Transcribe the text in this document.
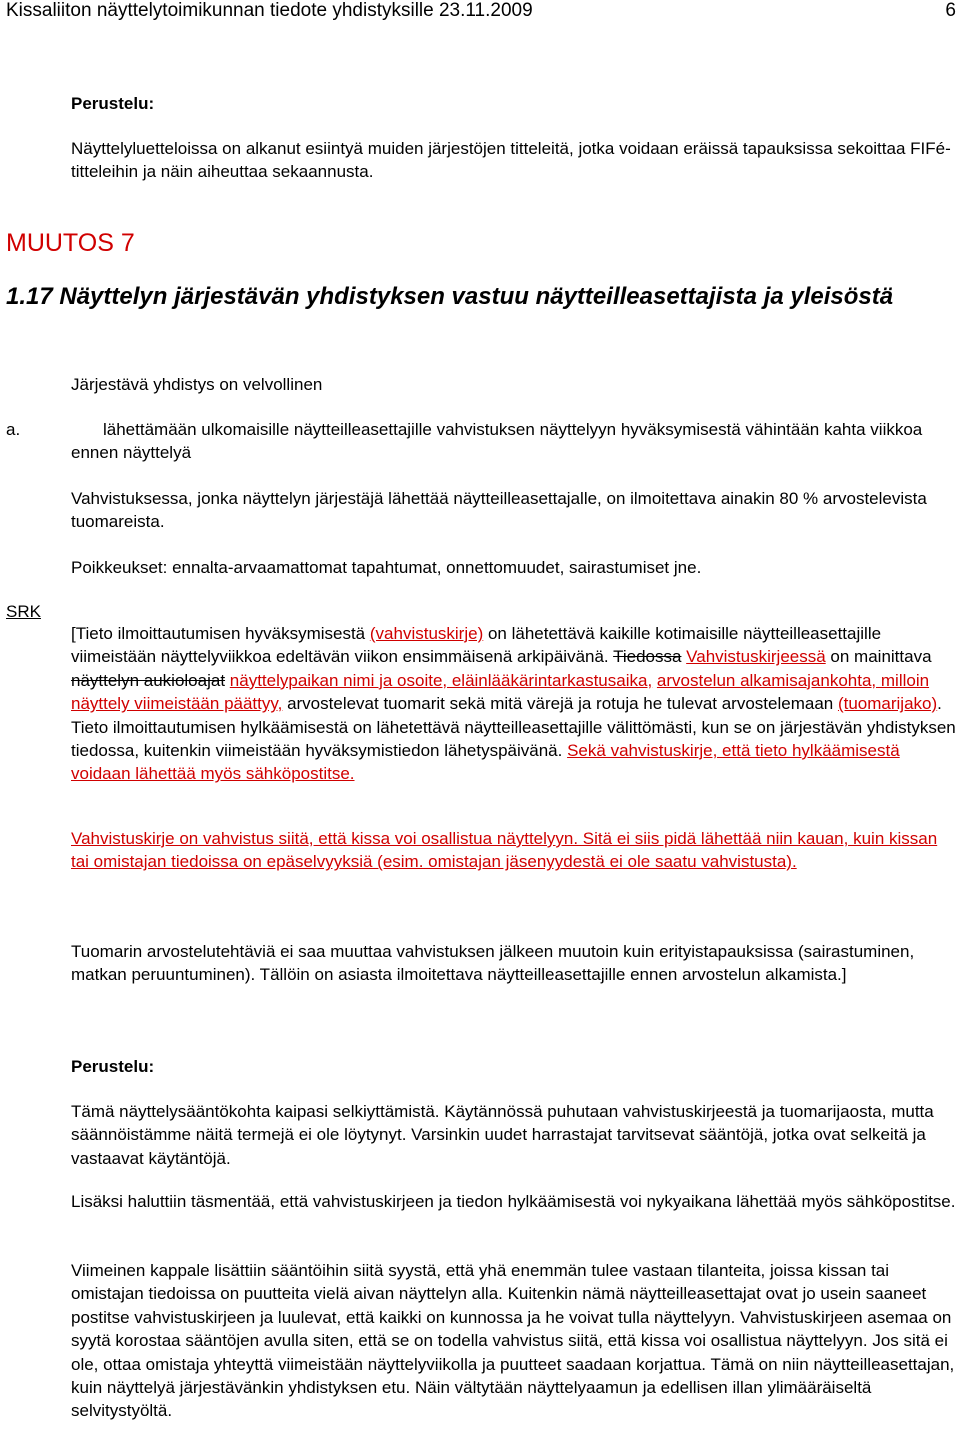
Kissaliiton näyttelytoimikunnan tiedote yhdistyksille 23.11.2009	6
Perustelu:

Näyttelyluetteloissa on alkanut esiintyä muiden järjestöjen titteleitä, jotka voidaan eräissä tapauksissa sekoittaa FIFé-titteleihin ja näin aiheuttaa sekaannusta.

MUUTOS 7
1.17 Näyttelyn järjestävän yhdistyksen vastuu näytteilleasettajista ja yleisöstä

Järjestävä yhdistys on velvollinen

a.	lähettämään ulkomaisille näytteilleasettajille vahvistuksen näyttelyyn hyväksymisestä vähintään kahta viikkoa ennen näyttelyä

Vahvistuksessa, jonka näyttelyn järjestäjä lähettää näytteilleasettajalle, on ilmoitettava ainakin 80 % arvostelevista tuomareista.

Poikkeukset: ennalta-arvaamattomat tapahtumat, onnettomuudet, sairastumiset jne.

SRK

[Tieto ilmoittautumisen hyväksymisestä (vahvistuskirje) on lähetettävä kaikille kotimaisille näytteilleasettajille viimeistään näyttelyviikkoa edeltävän viikon ensimmäisenä arkipäivänä. Tiedossa Vahvistuskirjeessä on mainittava näyttelyn aukioloajat näyttelypaikan nimi ja osoite, eläinlääkärintarkastusaika, arvostelun alkamisajankohta, milloin näyttely viimeistään päättyy, arvostelevat tuomarit sekä mitä värejä ja rotuja he tulevat arvostelemaan (tuomarijako). Tieto ilmoittautumisen hylkäämisestä on lähetettävä näytteilleasettajille välittömästi, kun se on järjestävän yhdistyksen tiedossa, kuitenkin viimeistään hyväksymistiedon lähetyspäivänä. Sekä vahvistuskirje, että tieto hylkäämisestä voidaan lähettää myös sähköpostitse.

Vahvistuskirje on vahvistus siitä, että kissa voi osallistua näyttelyyn. Sitä ei siis pidä lähettää niin kauan, kuin kissan tai omistajan tiedoissa on epäselvyyksiä (esim. omistajan jäsenyydestä ei ole saatu vahvistusta).

Tuomarin arvostelutehtäviä ei saa muuttaa vahvistuksen jälkeen muutoin kuin erityistapauksissa (sairastuminen, matkan peruuntuminen). Tällöin on asiasta ilmoitettava näytteilleasettajille ennen arvostelun alkamista.]

Perustelu:

Tämä näyttelysääntökohta kaipasi selkiyttämistä. Käytännössä puhutaan vahvistuskirjeestä ja tuomarijaosta, mutta säännöistämme näitä termejä ei ole löytynyt. Varsinkin uudet harrastajat tarvitsevat sääntöjä, jotka ovat selkeitä ja vastaavat käytäntöjä.

Lisäksi haluttiin täsmentää, että vahvistuskirjeen ja tiedon hylkäämisestä voi nykyaikana lähettää myös sähköpostitse.

Viimeinen kappale lisättiin sääntöihin siitä syystä, että yhä enemmän tulee vastaan tilanteita, joissa kissan tai omistajan tiedoissa on puutteita vielä aivan näyttelyn alla. Kuitenkin nämä näytteilleasettajat ovat jo usein saaneet postitse vahvistuskirjeen ja luulevat, että kaikki on kunnossa ja he voivat tulla näyttelyyn. Vahvistuskirjeen asemaa on syytä korostaa sääntöjen avulla siten, että se on todella vahvistus siitä, että kissa voi osallistua näyttelyyn. Jos sitä ei ole, ottaa omistaja yhteyttä viimeistään näyttelyviikolla ja puutteet saadaan korjattua. Tämä on niin näytteilleasettajan, kuin näyttelyä järjestävänkin yhdistyksen etu. Näin vältytään näyttelyaamun ja edellisen illan ylimääräiseltä selvitystyöltä.
